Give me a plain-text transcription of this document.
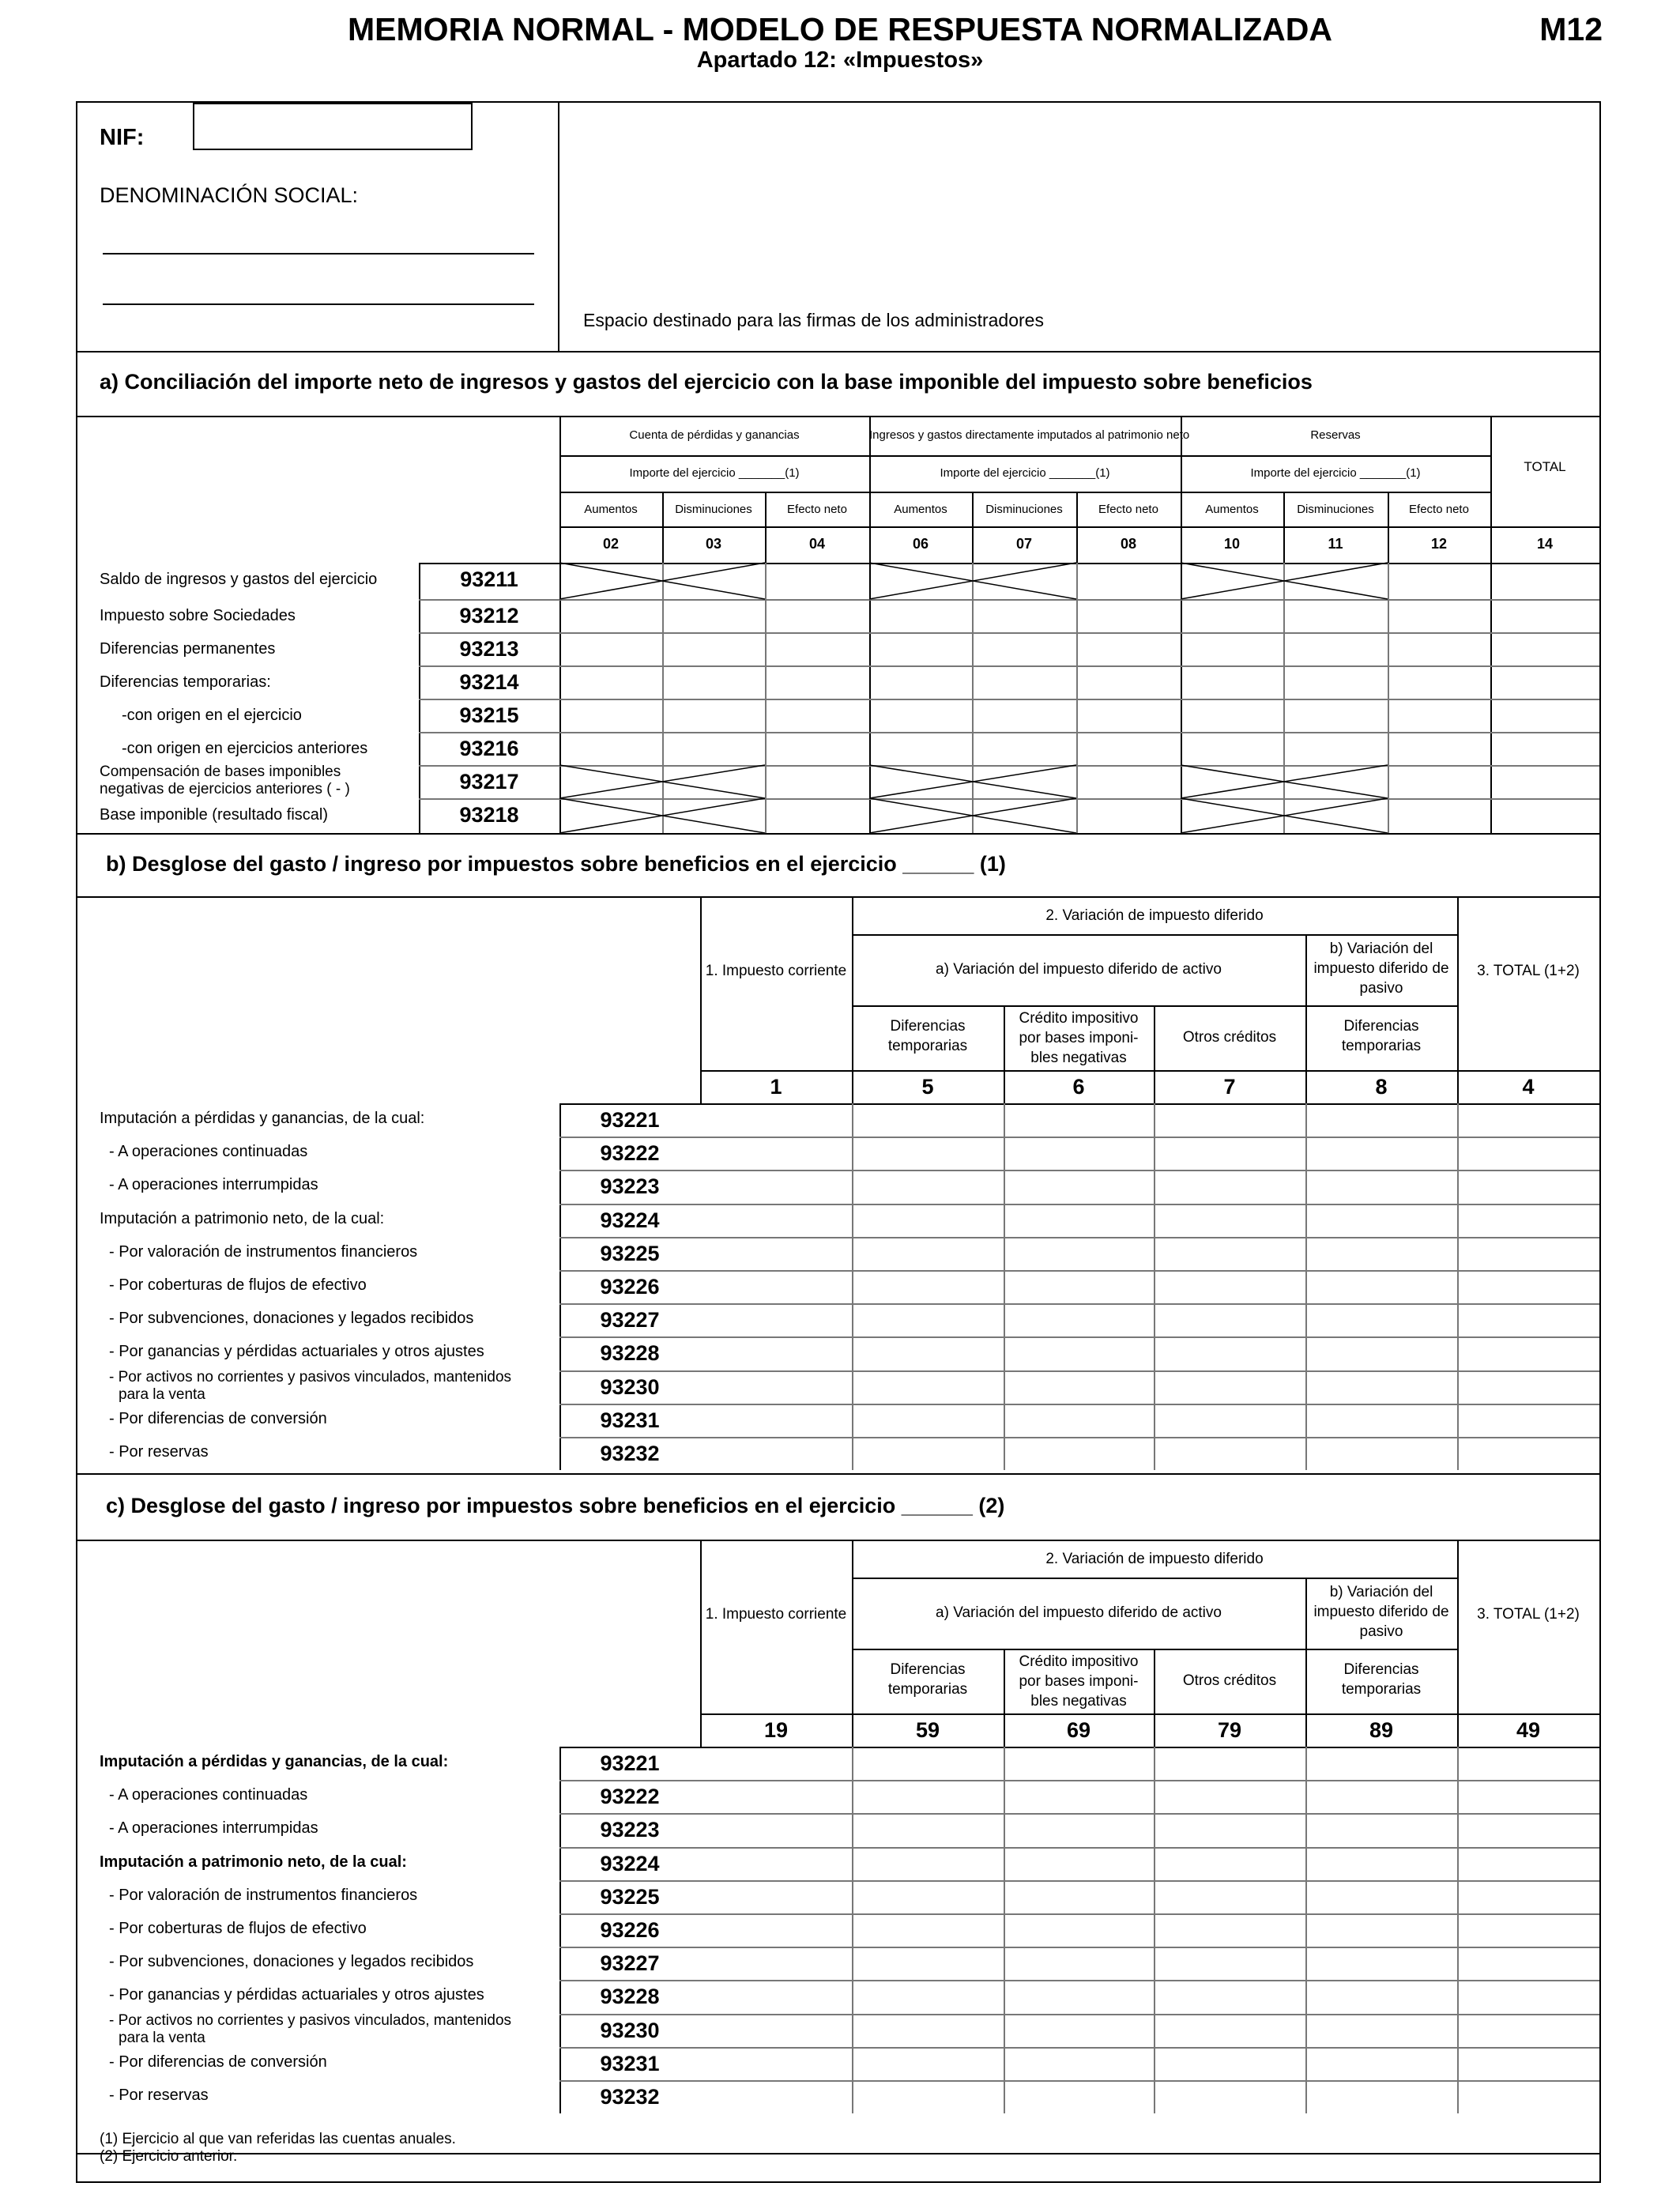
MEMORIA NORMAL - MODELO DE RESPUESTA NORMALIZADA
Apartado 12: «Impuestos»
M12
NIF:
DENOMINACIÓN SOCIAL:
Espacio destinado para las firmas de los administradores
a) Conciliación del importe neto de ingresos y gastos del ejercicio con la base imponible del impuesto sobre beneficios
Cuenta de pérdidas y ganancias
Importe del ejercicio _______(1)
Aumentos	Disminuciones	Efecto neto
Ingresos y gastos directamente imputados al patrimonio neto
Importe del ejercicio _______(1)
Aumentos	Disminuciones	Efecto neto
Reservas
Importe del ejercicio _______(1)
Aumentos	Disminuciones	Efecto neto
TOTAL
02	03	04	06	07	08	10	11	12	14
Saldo de ingresos y gastos del ejercicio	93211
Impuesto sobre Sociedades	93212
Diferencias permanentes	93213
Diferencias temporarias:	93214
-con origen en el ejercicio	93215
-con origen en ejercicios anteriores	93216
Compensación de bases imponibles
negativas de ejercicios anteriores ( - )	93217
Base imponible (resultado fiscal)	93218
b) Desglose del gasto / ingreso por impuestos sobre beneficios en el ejercicio ______ (1)
1. Impuesto corriente
2. Variación de impuesto diferido
a) Variación del impuesto diferido de activo
b) Variación del impuesto diferido de pasivo
3. TOTAL (1+2)
Diferencias temporarias
Crédito impositivo por bases imponi- bles negativas
Otros créditos
Diferencias temporarias
1	5	6	7	8	4
Imputación a pérdidas y ganancias, de la cual:	93221
- A operaciones continuadas	93222
- A operaciones interrumpidas	93223
Imputación a patrimonio neto, de la cual:	93224
- Por valoración de instrumentos financieros	93225
- Por coberturas de flujos de efectivo	93226
- Por subvenciones, donaciones y legados recibidos	93227
- Por ganancias y pérdidas actuariales y otros ajustes	93228
- Por activos no corrientes y pasivos vinculados, mantenidos
para la venta	93230
- Por diferencias de conversión	93231
- Por reservas	93232
c) Desglose del gasto / ingreso por impuestos sobre beneficios en el ejercicio ______ (2)
1. Impuesto corriente
2. Variación de impuesto diferido
a) Variación del impuesto diferido de activo
b) Variación del impuesto diferido de pasivo
3. TOTAL (1+2)
Diferencias temporarias
Crédito impositivo por bases imponi- bles negativas
Otros créditos
Diferencias temporarias
19	59	69	79	89	49
Imputación a pérdidas y ganancias, de la cual:	93221
- A operaciones continuadas	93222
- A operaciones interrumpidas	93223
Imputación a patrimonio neto, de la cual:	93224
- Por valoración de instrumentos financieros	93225
- Por coberturas de flujos de efectivo	93226
- Por subvenciones, donaciones y legados recibidos	93227
- Por ganancias y pérdidas actuariales y otros ajustes	93228
- Por activos no corrientes y pasivos vinculados, mantenidos
para la venta	93230
- Por diferencias de conversión	93231
- Por reservas	93232
(1) Ejercicio al que van referidas las cuentas anuales.
(2) Ejercicio anterior.
